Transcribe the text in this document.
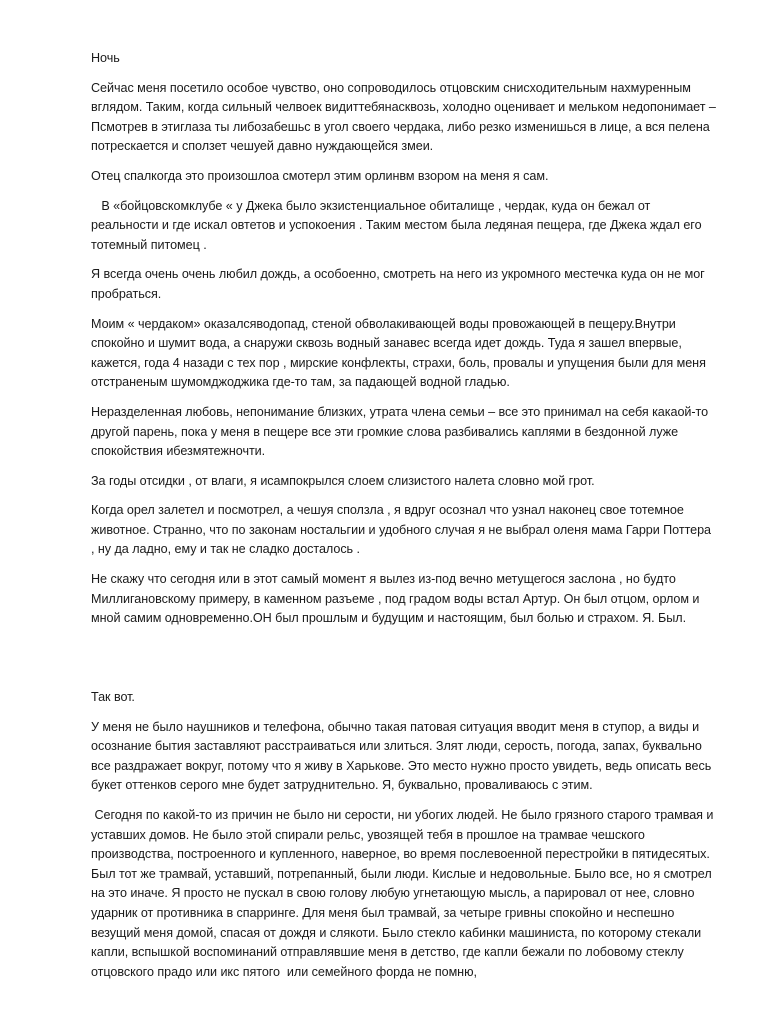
Ночь

Сейчас меня посетило особое чувство, оно сопроводилось отцовским снисходительным нахмуренным вглядом. Таким, когда сильный челвоек видиттебянасквозь, холодно оценивает и мельком недопонимает – Псмотрев в этиглаза ты либозабешьс в угол своего чердака, либо резко изменишься в лице, а вся пелена потрескается и сползет чешуей давно нуждающейся змеи.

Отец спалкогда это произошлоа смотерл этим орлинвм взором на меня я сам.

В «бойцовскомклубе « у Джека было экзистенциальное обиталище , чердак, куда он бежал от реальности и где искал овтетов и успокоения . Таким местом была ледяная пещера, где Джека ждал его тотемный питомец .

Я всегда очень очень любил дождь, а особоенно, смотреть на него из укромного местечка куда он не мог пробраться.

Моим « чердаком» оказалсяводопад, стеной обволакивающей воды провожающей в пещеру.Внутри спокойно и шумит вода, а снаружи сквозь водный занавес всегда идет дождь. Туда я зашел впервые, кажется, года 4 назади с тех пор , мирские конфлекты, страхи, боль, провалы и упущения были для меня отстраненым шумомджоджика где-то там, за падающей водной гладью.

Неразделенная любовь, непонимание близких, утрата члена семьи – все это принимал на себя какаой-то другой парень, пока у меня в пещере все эти громкие слова разбивались каплями в бездонной луже спокойствия ибезмятежночти.

За годы отсидки , от влаги, я исампокрылся слоем слизистого налета словно мой грот.

Когда орел залетел и посмотрел, а чешуя сползла , я вдруг осознал что узнал наконец свое тотемное животное. Странно, что по законам ностальгии и удобного случая я не выбрал оленя мама Гарри Поттера , ну да ладно, ему и так не сладко досталось .

Не скажу что сегодня или в этот самый момент я вылез из-под вечно метущегося заслона , но будто Миллигановскому примеру, в каменном разъеме , под градом воды встал Артур. Он был отцом, орлом и мной самим одновременно.ОН был прошлым и будущим и настоящим, был болью и страхом. Я. Был.

Так вот.

У меня не было наушников и телефона, обычно такая патовая ситуация вводит меня в ступор, а виды и осознание бытия заставляют расстраиваться или злиться. Злят люди, серость, погода, запах, буквально все раздражает вокруг, потому что я живу в Харькове. Это место нужно просто увидеть, ведь описать весь букет оттенков серого мне будет затруднительно. Я, буквально, проваливаюсь с этим.

Сегодня по какой-то из причин не было ни серости, ни убогих людей. Не было грязного старого трамвая и уставших домов. Не было этой спирали рельс, увозящей тебя в прошлое на трамвае чешского производства, построенного и купленного, наверное, во время послевоенной перестройки в пятидесятых. Был тот же трамвай, уставший, потрепанный, были люди. Кислые и недовольные. Было все, но я смотрел на это иначе. Я просто не пускал в свою голову любую угнетающую мысль, а парировал от нее, словно ударник от противника в спарринге. Для меня был трамвай, за четыре гривны спокойно и неспешно везущий меня домой, спасая от дождя и слякоти. Было стекло кабинки машиниста, по которому стекали капли, вспышкой воспоминаний отправлявшие меня в детство, где капли бежали по лобовому стеклу отцовского прадо или икс пятого  или семейного форда не помню,
